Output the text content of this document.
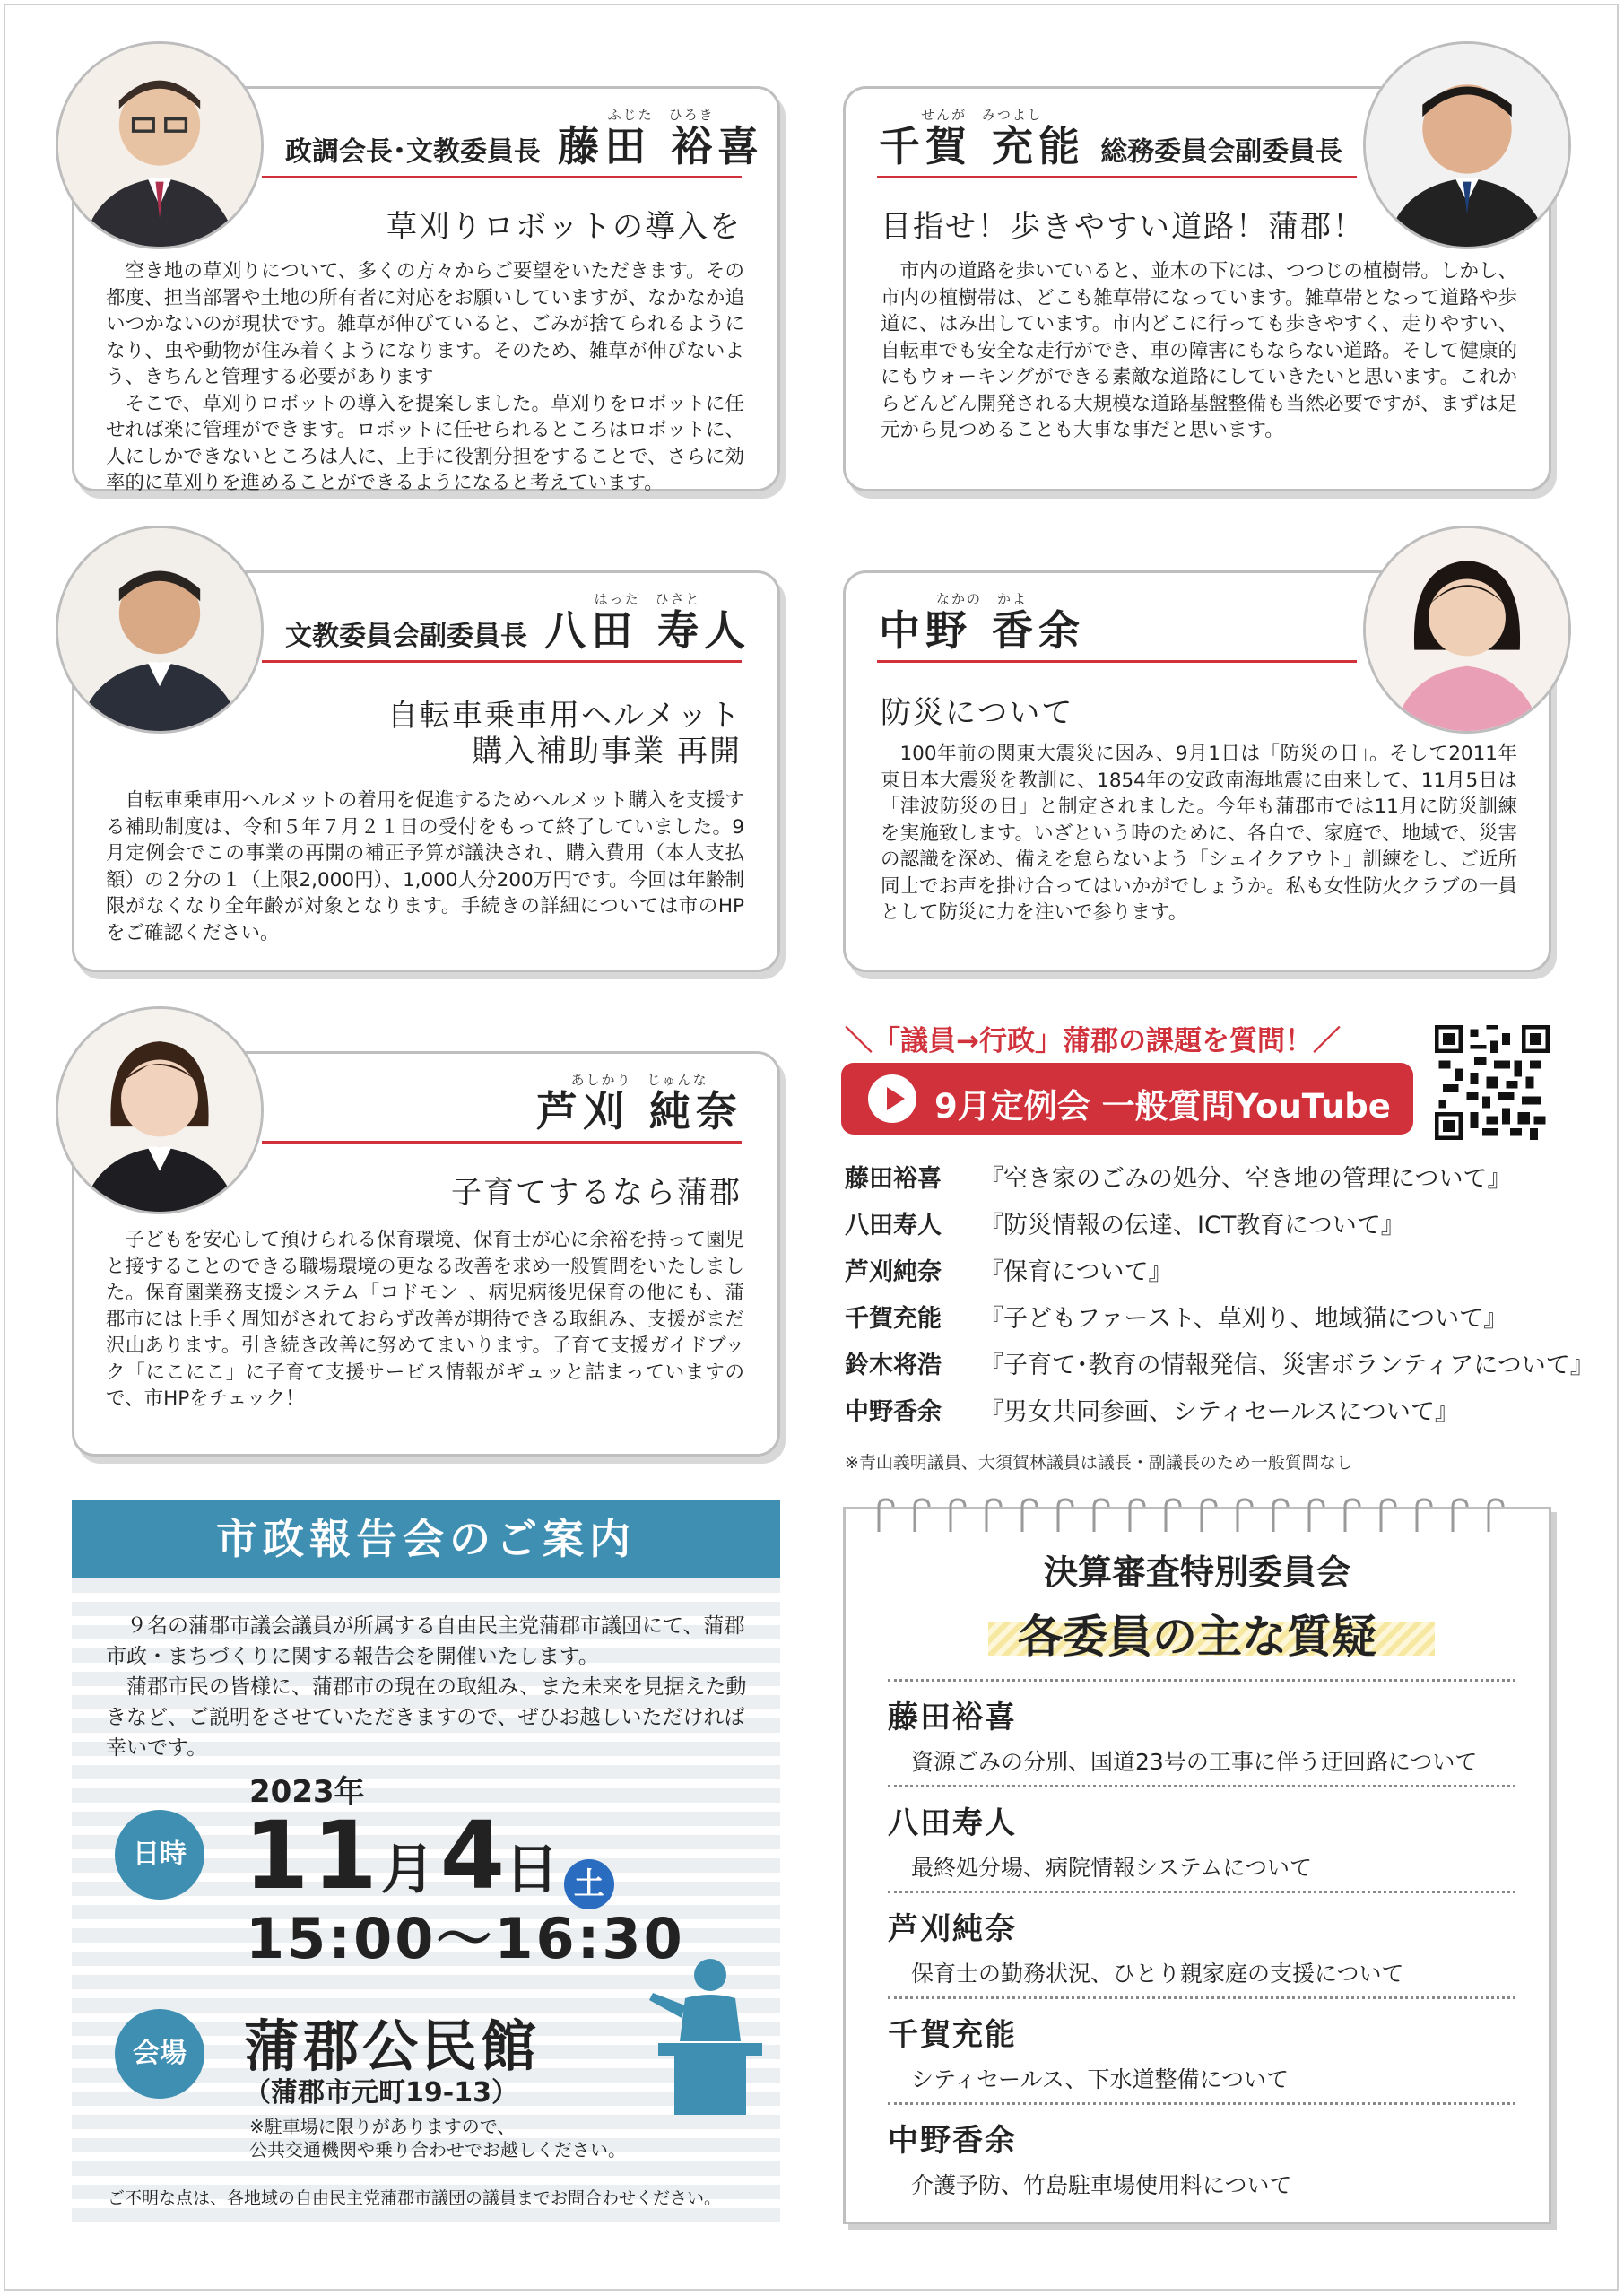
政調会長･文教委員長
ふじた　ひろき
藤田 裕喜
草刈りロボットの導入を

空き地の草刈りについて、多くの方々からご要望をいただきます。その都度、担当部署や土地の所有者に対応をお願いしていますが、なかなか追いつかないのが現状です。雑草が伸びていると、ごみが捨てられるようになり、虫や動物が住み着くようになります。そのため、雑草が伸びないよう、きちんと管理する必要があります

そこで、草刈りロボットの導入を提案しました。草刈りをロボットに任せれば楽に管理ができます。ロボットに任せられるところはロボットに、人にしかできないところは人に、上手に役割分担をすることで、さらに効率的に草刈りを進めることができるようになると考えています。

せんが　みつよし
千賀 充能 総務委員会副委員長
目指せ！歩きやすい道路！蒲郡！

市内の道路を歩いていると、並木の下には、つつじの植樹帯。しかし、市内の植樹帯は、どこも雑草帯になっています。雑草帯となって道路や歩道に、はみ出しています。市内どこに行っても歩きやすく、走りやすい、自転車でも安全な走行ができ、車の障害にもならない道路。そして健康的にもウォーキングができる素敵な道路にしていきたいと思います。これからどんどん開発される大規模な道路基盤整備も当然必要ですが、まずは足元から見つめることも大事な事だと思います。

文教委員会副委員長
はった　ひさと
八田 寿人
自転車乗車用ヘルメット
購入補助事業 再開

自転車乗車用ヘルメットの着用を促進するためヘルメット購入を支援する補助制度は、令和５年７月２１日の受付をもって終了していました。9月定例会でこの事業の再開の補正予算が議決され、購入費用（本人支払額）の２分の１（上限2,000円）、1,000人分200万円です。今回は年齢制限がなくなり全年齢が対象となります。手続きの詳細については市のHPをご確認ください。

なかの　かよ
中野 香余
防災について

100年前の関東大震災に因み、9月1日は「防災の日」。そして2011年東日本大震災を教訓に、1854年の安政南海地震に由来して、11月5日は「津波防災の日」と制定されました。今年も蒲郡市では11月に防災訓練を実施致します。いざという時のために、各自で、家庭で、地域で、災害の認識を深め、備えを怠らないよう「シェイクアウト」訓練をし、ご近所同士でお声を掛け合ってはいかがでしょうか。私も女性防火クラブの一員として防災に力を注いで参ります。

あしかり　じゅんな
芦刈 純奈
子育てするなら蒲郡

子どもを安心して預けられる保育環境、保育士が心に余裕を持って園児と接することのできる職場環境の更なる改善を求め一般質問をいたしました。保育園業務支援システム「コドモン」、病児病後児保育の他にも、蒲郡市には上手く周知がされておらず改善が期待できる取組み、支援がまだ沢山あります。引き続き改善に努めてまいります。子育て支援ガイドブック「にこにこ」に子育て支援サービス情報がギュッと詰まっていますので、市HPをチェック！

＼「議員→行政」蒲郡の課題を質問！／
9月定例会 一般質問YouTube
藤田裕喜 『空き家のごみの処分、空き地の管理について』
八田寿人 『防災情報の伝達、ICT教育について』
芦刈純奈 『保育について』
千賀充能 『子どもファースト、草刈り、地域猫について』
鈴木将浩 『子育て･教育の情報発信、災害ボランティアについて』
中野香余 『男女共同参画、シティセールスについて』
※青山義明議員、大須賀林議員は議長・副議長のため一般質問なし
市政報告会のご案内

９名の蒲郡市議会議員が所属する自由民主党蒲郡市議団にて、蒲郡市政・まちづくりに関する報告会を開催いたします。

蒲郡市民の皆様に、蒲郡市の現在の取組み、また未来を見据えた動きなど、ご説明をさせていただきますので、ぜひお越しいただければ幸いです。

日時
2023年
11月4日 土
15:00〜16:30
会場	蒲郡公民館
（蒲郡市元町19-13）
※駐車場に限りがありますので、
公共交通機関や乗り合わせでお越しください。
ご不明な点は、各地域の自由民主党蒲郡市議団の議員までお問合わせください。
決算審査特別委員会
各委員の主な質疑
藤田裕喜
資源ごみの分別、国道23号の工事に伴う迂回路について
八田寿人
最終処分場、病院情報システムについて
芦刈純奈
保育士の勤務状況、ひとり親家庭の支援について
千賀充能
シティセールス、下水道整備について
中野香余
介護予防、竹島駐車場使用料について
